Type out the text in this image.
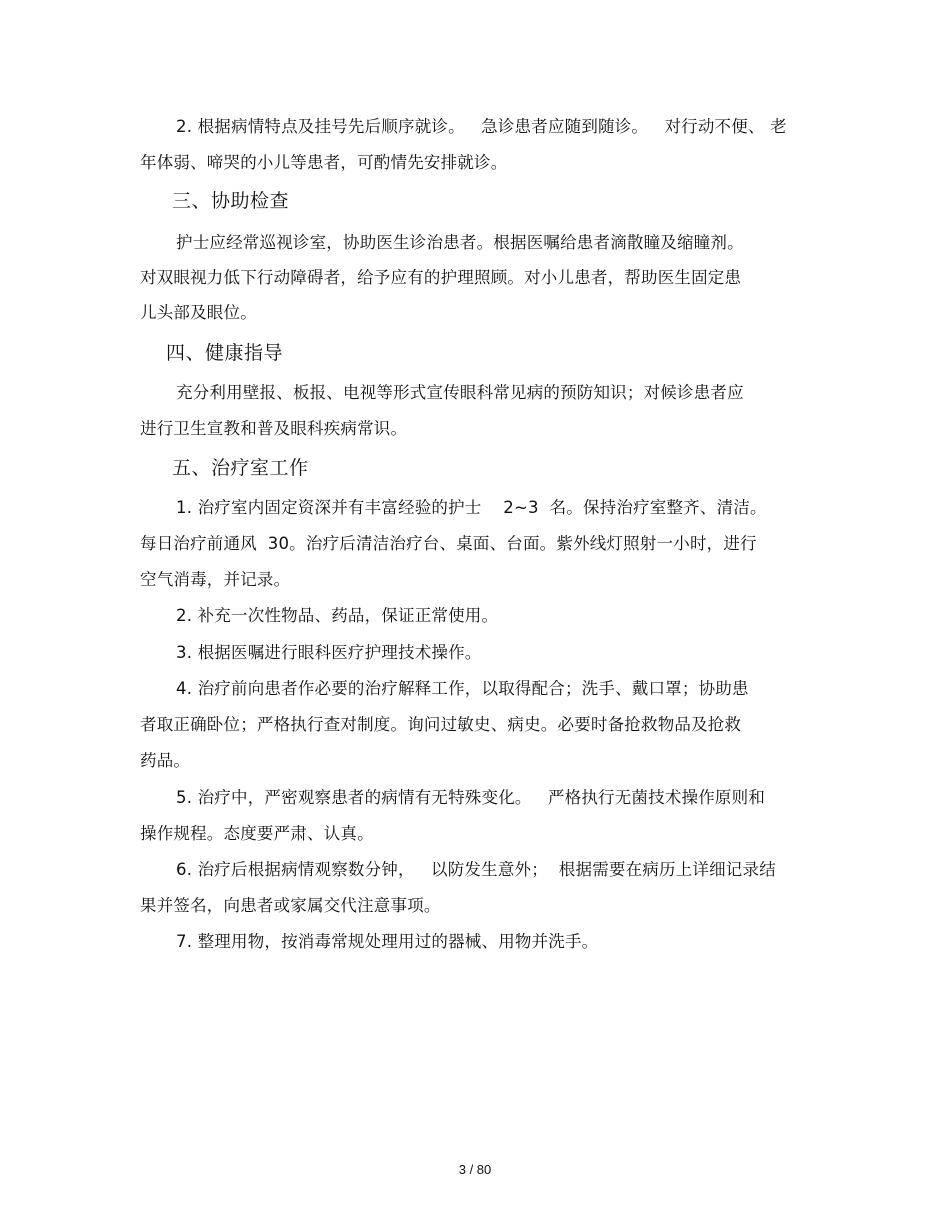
2. 根据病情特点及挂号先后顺序就诊。   急诊患者应随到随诊。   对行动不便、 老
年体弱、啼哭的小儿等患者，可酌情先安排就诊。
三、协助检查
护士应经常巡视诊室，协助医生诊治患者。根据医嘱给患者滴散瞳及缩瞳剂。
对双眼视力低下行动障碍者，给予应有的护理照顾。对小儿患者，帮助医生固定患
儿头部及眼位。
四、健康指导
充分利用壁报、板报、电视等形式宣传眼科常见病的预防知识；对候诊患者应
进行卫生宣教和普及眼科疾病常识。
五、治疗室工作
1. 治疗室内固定资深并有丰富经验的护士    2~3  名。保持治疗室整齐、清洁。
每日治疗前通风  30。治疗后清洁治疗台、桌面、台面。紫外线灯照射一小时，进行
空气消毒，并记录。
2. 补充一次性物品、药品，保证正常使用。
3. 根据医嘱进行眼科医疗护理技术操作。
4. 治疗前向患者作必要的治疗解释工作，以取得配合；洗手、戴口罩；协助患
者取正确卧位；严格执行查对制度。询问过敏史、病史。必要时备抢救物品及抢救
药品。
5. 治疗中，严密观察患者的病情有无特殊变化。   严格执行无菌技术操作原则和
操作规程。态度要严肃、认真。
6. 治疗后根据病情观察数分钟，   以防发生意外；  根据需要在病历上详细记录结
果并签名，向患者或家属交代注意事项。
7. 整理用物，按消毒常规处理用过的器械、用物并洗手。
3 / 80
